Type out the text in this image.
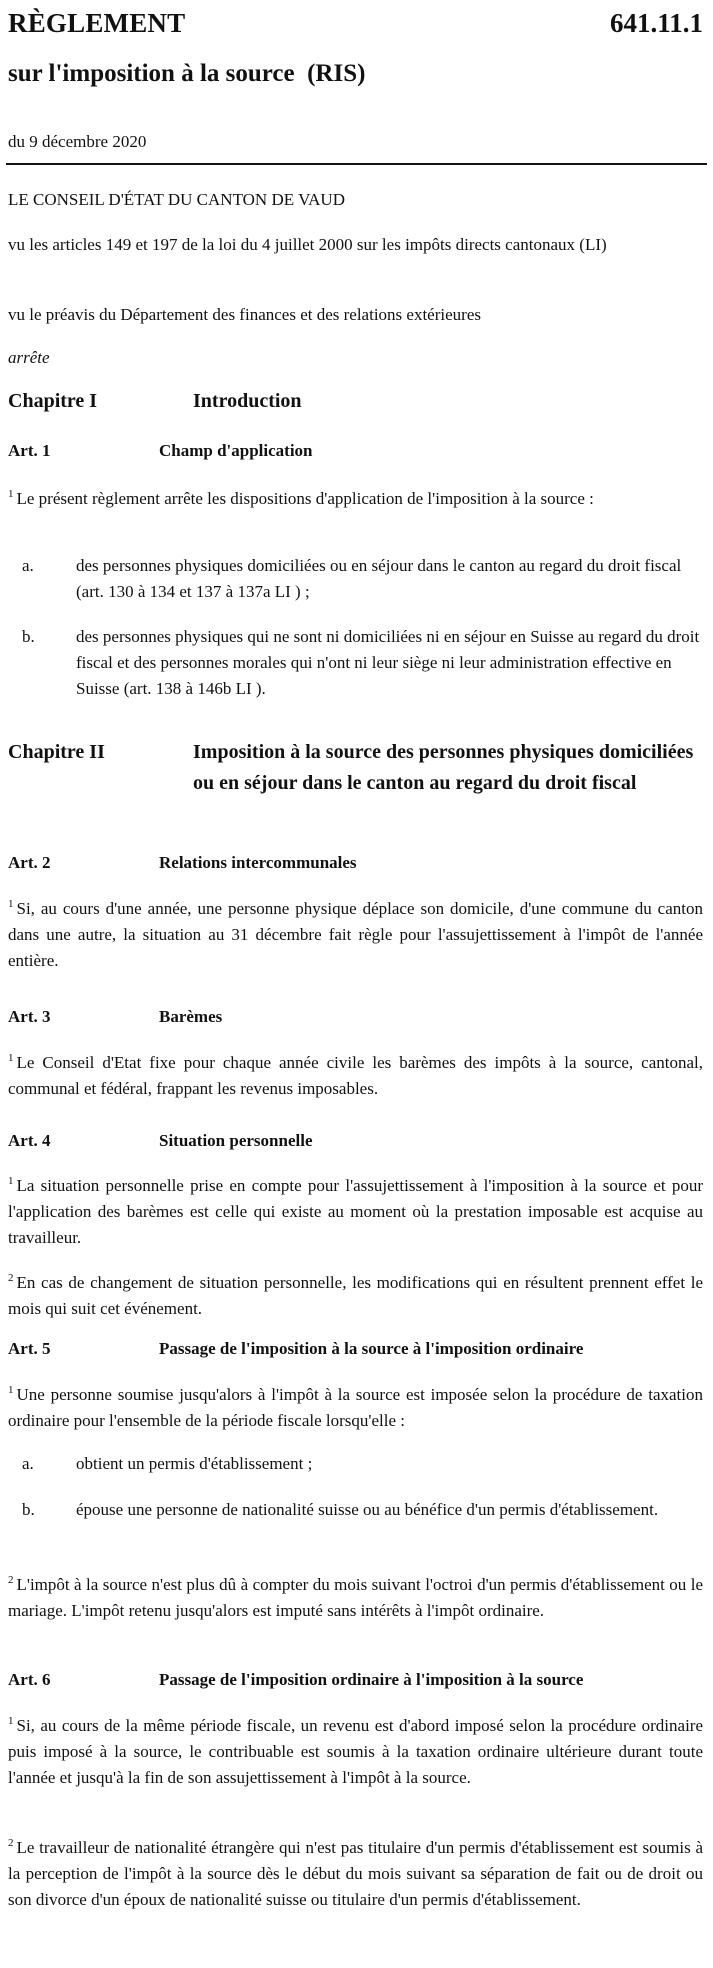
RÈGLEMENT	641.11.1
sur l'imposition à la source  (RIS)
du 9 décembre 2020
LE CONSEIL D'ÉTAT DU CANTON DE VAUD
vu les articles 149 et 197 de la loi du 4 juillet 2000 sur les impôts directs cantonaux (LI)
vu le préavis du Département des finances et des relations extérieures
arrête
Chapitre I	Introduction
Art. 1	Champ d'application
$^1$ Le présent règlement arrête les dispositions d'application de l'imposition à la source :
a.	des personnes physiques domiciliées ou en séjour dans le canton au regard du droit fiscal (art. 130 à 134 et 137 à 137a LI ) ;
b.	des personnes physiques qui ne sont ni domiciliées ni en séjour en Suisse au regard du droit fiscal et des personnes morales qui n'ont ni leur siège ni leur administration effective en Suisse (art. 138 à 146b LI ).
Chapitre II	Imposition à la source des personnes physiques domiciliées ou en séjour dans le canton au regard du droit fiscal
Art. 2	Relations intercommunales
$^1$ Si, au cours d'une année, une personne physique déplace son domicile, d'une commune du canton dans une autre, la situation au 31 décembre fait règle pour l'assujettissement à l'impôt de l'année entière.
Art. 3	Barèmes
$^1$ Le Conseil d'Etat fixe pour chaque année civile les barèmes des impôts à la source, cantonal, communal et fédéral, frappant les revenus imposables.
Art. 4	Situation personnelle
$^1$ La situation personnelle prise en compte pour l'assujettissement à l'imposition à la source et pour l'application des barèmes est celle qui existe au moment où la prestation imposable est acquise au travailleur.
$^2$ En cas de changement de situation personnelle, les modifications qui en résultent prennent effet le mois qui suit cet événement.
Art. 5	Passage de l'imposition à la source à l'imposition ordinaire
$^1$ Une personne soumise jusqu'alors à l'impôt à la source est imposée selon la procédure de taxation ordinaire pour l'ensemble de la période fiscale lorsqu'elle :
a.	obtient un permis d'établissement ;
b.	épouse une personne de nationalité suisse ou au bénéfice d'un permis d'établissement.
$^2$ L'impôt à la source n'est plus dû à compter du mois suivant l'octroi d'un permis d'établissement ou le mariage. L'impôt retenu jusqu'alors est imputé sans intérêts à l'impôt ordinaire.
Art. 6	Passage de l'imposition ordinaire à l'imposition à la source
$^1$ Si, au cours de la même période fiscale, un revenu est d'abord imposé selon la procédure ordinaire puis imposé à la source, le contribuable est soumis à la taxation ordinaire ultérieure durant toute l'année et jusqu'à la fin de son assujettissement à l'impôt à la source.
$^2$ Le travailleur de nationalité étrangère qui n'est pas titulaire d'un permis d'établissement est soumis à la perception de l'impôt à la source dès le début du mois suivant sa séparation de fait ou de droit ou son divorce d'un époux de nationalité suisse ou titulaire d'un permis d'établissement.
